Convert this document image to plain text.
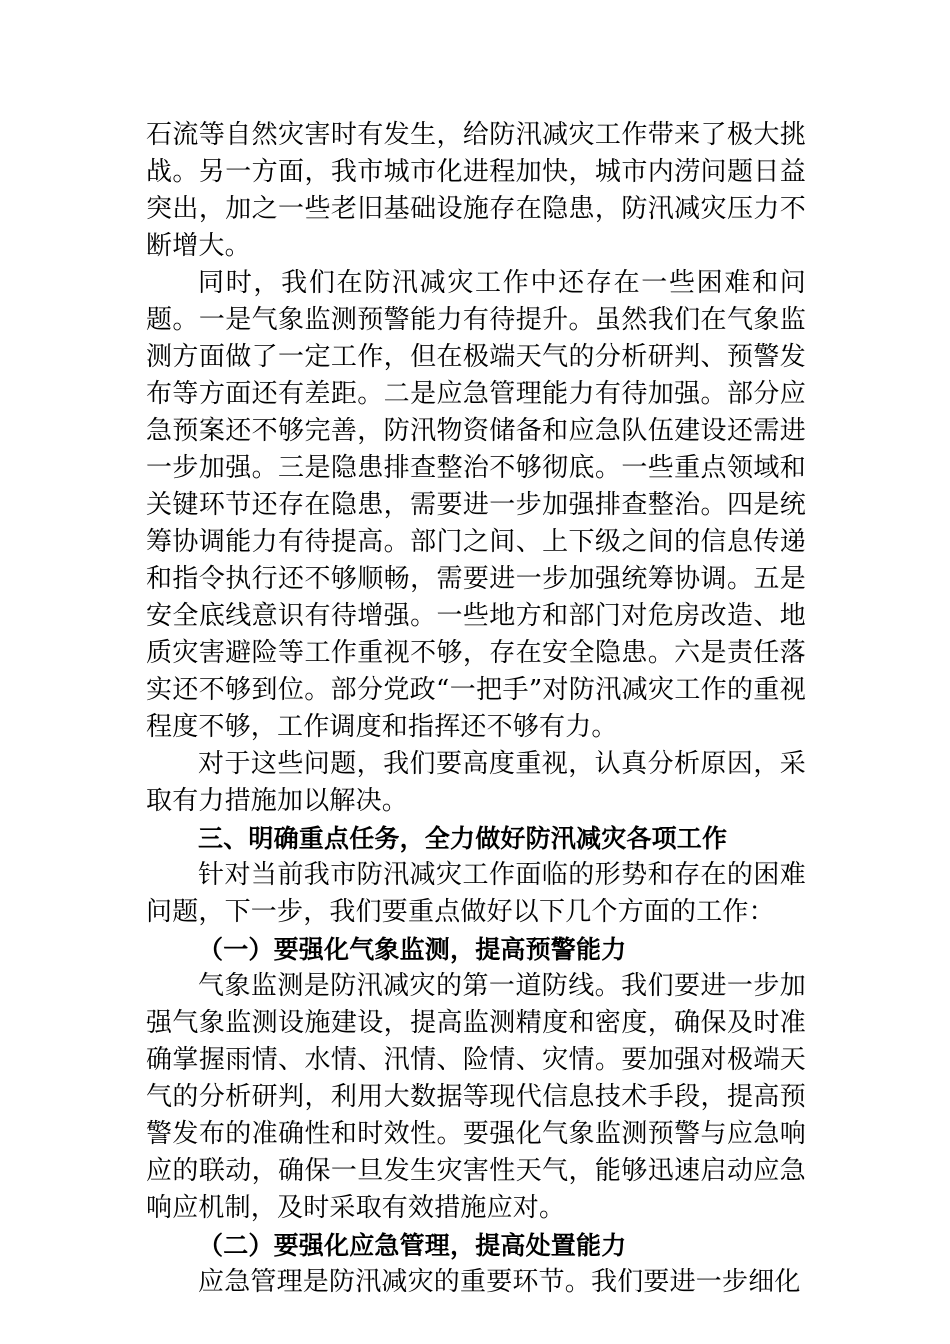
石流等自然灾害时有发生，给防汛减灾工作带来了极大挑战。另一方面，我市城市化进程加快，城市内涝问题日益突出，加之一些老旧基础设施存在隐患，防汛减灾压力不断增大。

同时，我们在防汛减灾工作中还存在一些困难和问题。一是气象监测预警能力有待提升。虽然我们在气象监测方面做了一定工作，但在极端天气的分析研判、预警发布等方面还有差距。二是应急管理能力有待加强。部分应急预案还不够完善，防汛物资储备和应急队伍建设还需进一步加强。三是隐患排查整治不够彻底。一些重点领域和关键环节还存在隐患，需要进一步加强排查整治。四是统筹协调能力有待提高。部门之间、上下级之间的信息传递和指令执行还不够顺畅，需要进一步加强统筹协调。五是安全底线意识有待增强。一些地方和部门对危房改造、地质灾害避险等工作重视不够，存在安全隐患。六是责任落实还不够到位。部分党政“一把手”对防汛减灾工作的重视程度不够，工作调度和指挥还不够有力。

对于这些问题，我们要高度重视，认真分析原因，采取有力措施加以解决。

三、明确重点任务，全力做好防汛减灾各项工作

针对当前我市防汛减灾工作面临的形势和存在的困难问题，下一步，我们要重点做好以下几个方面的工作：

（一）要强化气象监测，提高预警能力

气象监测是防汛减灾的第一道防线。我们要进一步加强气象监测设施建设，提高监测精度和密度，确保及时准确掌握雨情、水情、汛情、险情、灾情。要加强对极端天气的分析研判，利用大数据等现代信息技术手段，提高预警发布的准确性和时效性。要强化气象监测预警与应急响应的联动，确保一旦发生灾害性天气，能够迅速启动应急响应机制，及时采取有效措施应对。

（二）要强化应急管理，提高处置能力

应急管理是防汛减灾的重要环节。我们要进一步细化
